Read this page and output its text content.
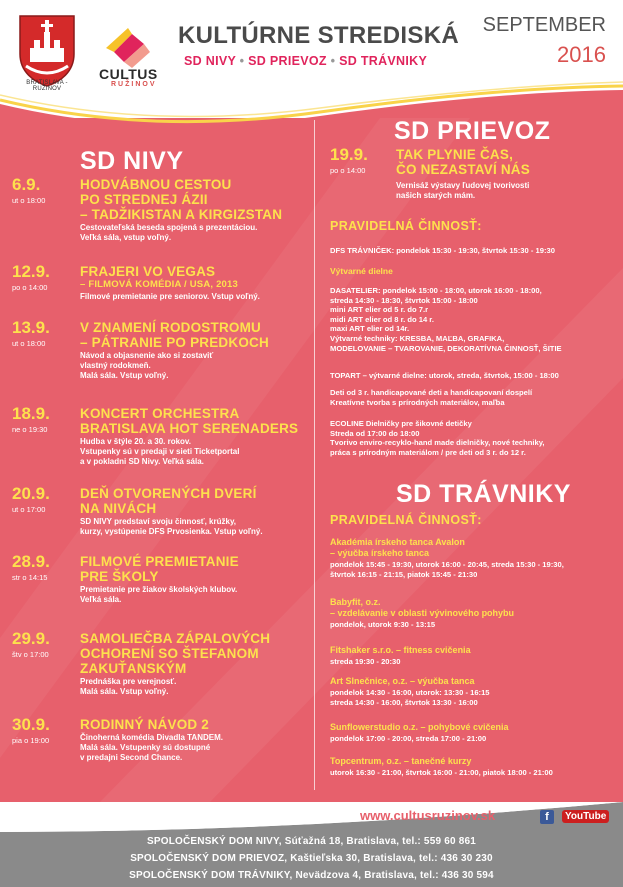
BRATISLAVA - RUŽINOV
CULTUS
RUŽINOV
KULTÚRNE STREDISKÁ
SD NIVY • SD PRIEVOZ • SD TRÁVNIKY
SEPTEMBER
2016
SD NIVY
6.9.
ut o 18:00
HODVÁBNOU CESTOU
PO STREDNEJ ÁZII
– TADŽIKISTAN A KIRGIZSTAN
Cestovateľská beseda spojená s prezentáciou.
Veľká sála, vstup voľný.
12.9.
po o 14:00
FRAJERI VO VEGAS
– FILMOVÁ KOMÉDIA / USA, 2013
Filmové premietanie pre seniorov. Vstup voľný.
13.9.
ut o 18:00
V ZNAMENÍ RODOSTROMU
– PÁTRANIE PO PREDKOCH
Návod a objasnenie ako si zostaviť
vlastný rodokmeň.
Malá sála. Vstup voľný.
18.9.
ne o 19:30
KONCERT ORCHESTRA
BRATISLAVA HOT SERENADERS
Hudba v štýle 20. a 30. rokov.
Vstupenky sú v predaji v sieti Ticketportal
a v pokladni SD Nivy. Veľká sála.
20.9.
ut o 17:00
DEŇ OTVORENÝCH DVERÍ
NA NIVÁCH
SD NIVY predstaví svoju činnosť, krúžky,
kurzy, vystúpenie DFS Prvosienka. Vstup voľný.
28.9.
str o 14:15
FILMOVÉ PREMIETANIE
PRE ŠKOLY
Premietanie pre žiakov školských klubov.
Veľká sála.
29.9.
štv o 17:00
SAMOLIEČBA ZÁPALOVÝCH
OCHORENÍ SO ŠTEFANOM
ZAKUŤANSKÝM
Prednáška pre verejnosť.
Malá sála. Vstup voľný.
30.9.
pia o 19:00
RODINNÝ NÁVOD 2
Činoherná komédia Divadla TANDEM.
Malá sála. Vstupenky sú dostupné
v predajni Second Chance.
SD PRIEVOZ
19.9.
po o 14:00
TAK PLYNIE ČAS,
ČO NEZASTAVÍ NÁS
Vernisáž výstavy ľudovej tvorivosti
našich starých mám.
PRAVIDELNÁ ČINNOSŤ:
DFS TRÁVNIČEK: pondelok 15:30 - 19:30, štvrtok 15:30 - 19:30
Výtvarné dielne
DASATELIER: pondelok 15:00 - 18:00, utorok 16:00 - 18:00,
streda 14:30 - 18:30, štvrtok 15:00 - 18:00
mini ART elier od 5 r. do 7.r
midi ART elier od 8 r. do 14 r.
maxi ART elier od 14r.
Výtvarné techniky: KRESBA, MAĽBA, GRAFIKA,
MODELOVANIE – TVAROVANIE, DEKORATÍVNA ČINNOSŤ, ŠITIE
TOPART – výtvarné dielne: utorok, streda, štvrtok, 15:00 - 18:00
Deti od 3 r. handicapované deti a handicapovaní dospelí
Kreatívne tvorba s prírodných materiálov, maľba
ECOLINE Dielničky pre šikovné detičky
Streda od 17:00 do 18:00
Tvorivo enviro-recyklo-hand made dielničky, nové techniky,
práca s prírodným materiálom / pre deti od 3 r. do 12 r.
SD TRÁVNIKY
PRAVIDELNÁ ČINNOSŤ:
Akadémia írskeho tanca Avalon
– výučba írskeho tanca
pondelok 15:45 - 19:30, utorok 16:00 - 20:45, streda 15:30 - 19:30,
štvrtok 16:15 - 21:15, piatok 15:45 - 21:30
Babyfit, o.z.
– vzdelávanie v oblasti vývinového pohybu
pondelok, utorok 9:30 - 13:15
Fitshaker s.r.o. – fitness cvičenia
streda 19:30 - 20:30
Art Slnečnice, o.z. – výučba tanca
pondelok 14:30 - 16:00, utorok: 13:30 - 16:15
streda 14:30 - 16:00, štvrtok 13:30 - 16:00
Sunflowerstudio o.z. – pohybové cvičenia
pondelok 17:00 - 20:00, streda 17:00 - 21:00
Topcentrum, o.z. – tanečné kurzy
utorok 16:30 - 21:00, štvrtok 16:00 - 21:00, piatok 18:00 - 21:00
www.cultusruzinov.sk	f	YouTube
SPOLOČENSKÝ DOM NIVY, Súťažná 18, Bratislava, tel.: 559 60 861
SPOLOČENSKÝ DOM PRIEVOZ, Kaštieľska 30, Bratislava, tel.: 436 30 230
SPOLOČENSKÝ DOM TRÁVNIKY, Nevädzova 4, Bratislava, tel.: 436 30 594
